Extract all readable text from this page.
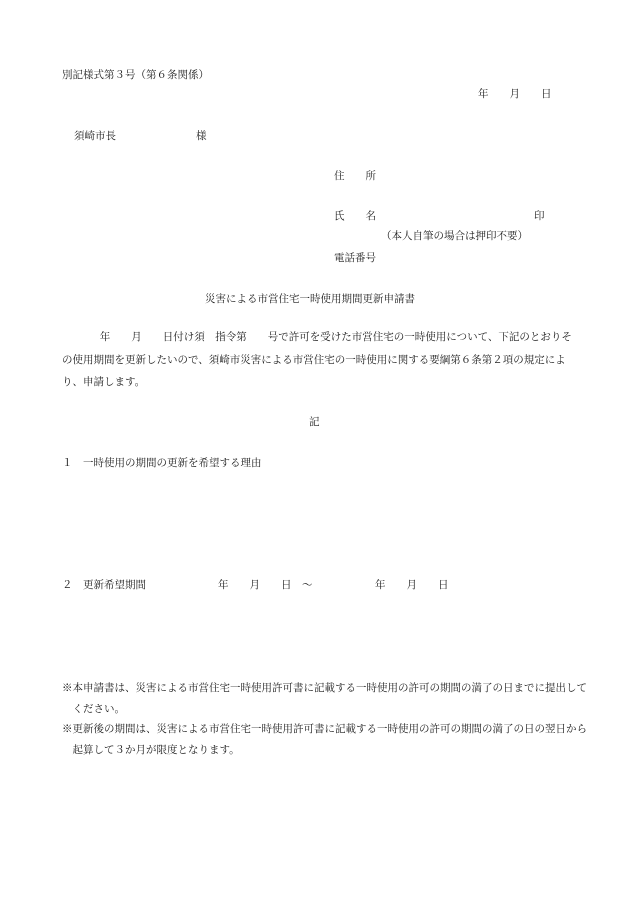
別記様式第３号（第６条関係）
年　　月　　日
須崎市長	様
住　　所
氏　　名	印
（本人自筆の場合は押印不要）
電話番号
災害による市営住宅一時使用期間更新申請書
年　　月　　日付け須　指令第　　号で許可を受けた市営住宅の一時使用について、下記のとおりその使用期間を更新したいので、須崎市災害による市営住宅の一時使用に関する要綱第６条第２項の規定により、申請します。
記
１　一時使用の期間の更新を希望する理由
２　更新希望期間	年　　月　　日　～	年　　月　　日
※本申請書は、災害による市営住宅一時使用許可書に記載する一時使用の許可の期間の満了の日までに提出してください。
※更新後の期間は、災害による市営住宅一時使用許可書に記載する一時使用の許可の期間の満了の日の翌日から起算して３か月が限度となります。
